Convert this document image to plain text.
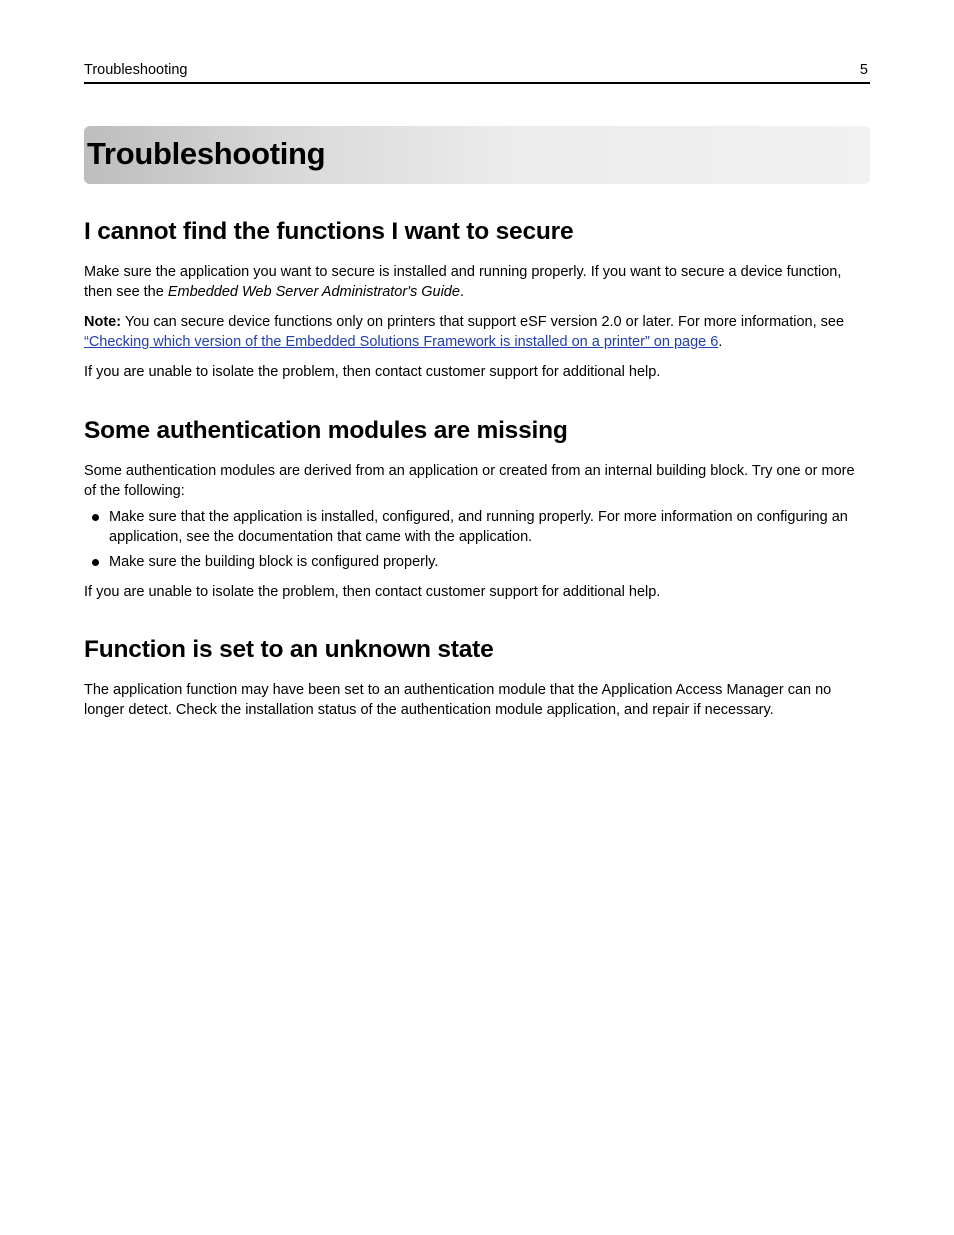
Troubleshooting	5
Troubleshooting
I cannot find the functions I want to secure

Make sure the application you want to secure is installed and running properly. If you want to secure a device function, then see the Embedded Web Server Administrator's Guide.

Note: You can secure device functions only on printers that support eSF version 2.0 or later. For more information, see “Checking which version of the Embedded Solutions Framework is installed on a printer” on page 6.

If you are unable to isolate the problem, then contact customer support for additional help.

Some authentication modules are missing

Some authentication modules are derived from an application or created from an internal building block. Try one or more of the following:

Make sure that the application is installed, configured, and running properly. For more information on configuring an application, see the documentation that came with the application.
Make sure the building block is configured properly.

If you are unable to isolate the problem, then contact customer support for additional help.

Function is set to an unknown state

The application function may have been set to an authentication module that the Application Access Manager can no longer detect. Check the installation status of the authentication module application, and repair if necessary.
